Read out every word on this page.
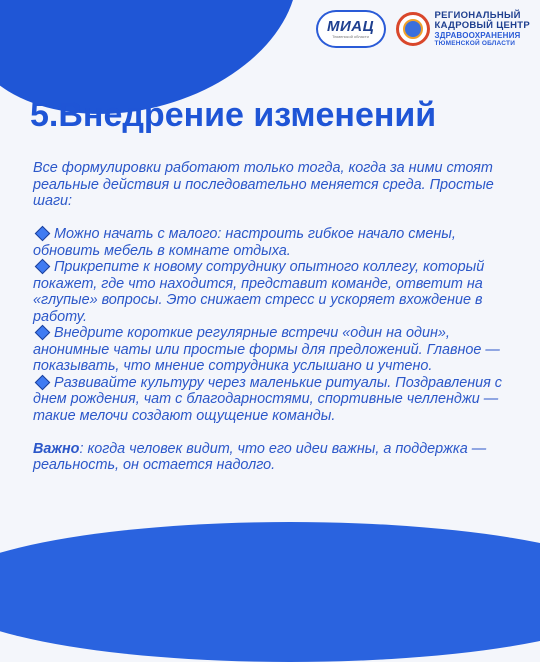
МИАЦ
Тюменской области
РЕГИОНАЛЬНЫЙ
КАДРОВЫЙ ЦЕНТР
ЗДРАВООХРАНЕНИЯ
ТЮМЕНСКОЙ ОБЛАСТИ
5.Внедрение изменений

Все формулировки работают только тогда, когда за ними стоят реальные действия и последовательно меняется среда. Простые шаги:

Можно начать с малого: настроить гибкое начало смены, обновить мебель в комнате отдыха.

Прикрепите к новому сотруднику опытного коллегу, который покажет, где что находится, представит команде, ответит на «глупые» вопросы. Это снижает стресс и ускоряет вхождение в работу.

Внедрите короткие регулярные встречи «один на один», анонимные чаты или простые формы для предложений. Главное — показывать, что мнение сотрудника услышано и учтено.

Развивайте культуру через маленькие ритуалы. Поздравления с днем рождения, чат с благодарностями, спортивные челленджи — такие мелочи создают ощущение команды.

Важно: когда человек видит, что его идеи важны, а поддержка — реальность, он остается надолго.
